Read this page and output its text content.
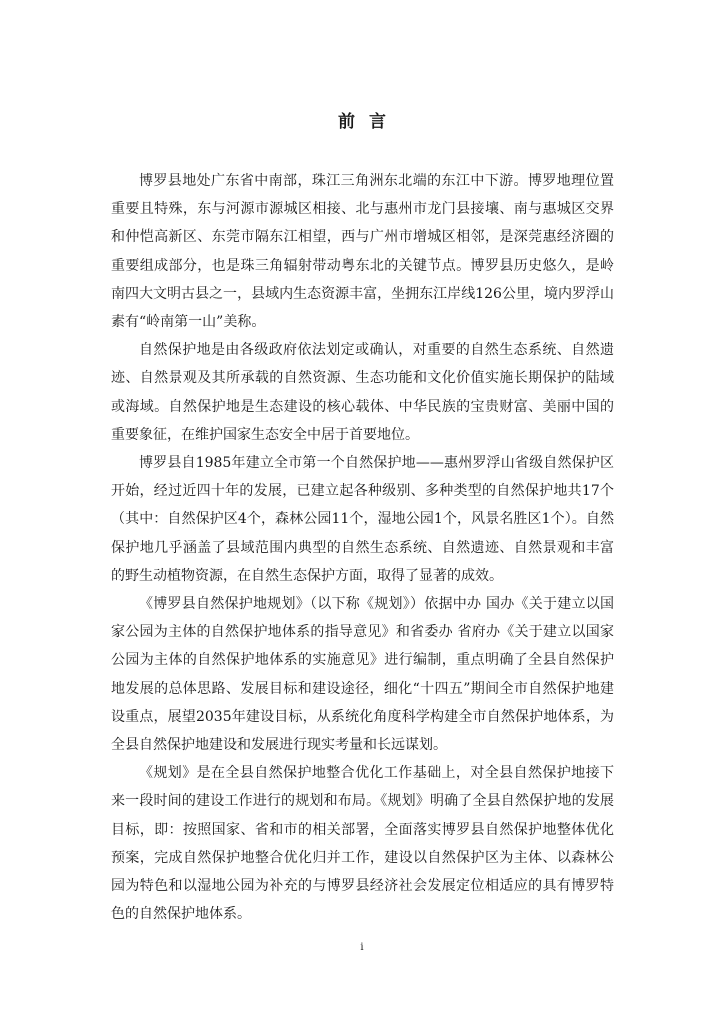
前言

博罗县地处广东省中南部，珠江三角洲东北端的东江中下游。博罗地理位置重要且特殊，东与河源市源城区相接、北与惠州市龙门县接壤、南与惠城区交界和仲恺高新区、东莞市隔东江相望，西与广州市增城区相邻，是深莞惠经济圈的重要组成部分，也是珠三角辐射带动粤东北的关键节点。博罗县历史悠久，是岭南四大文明古县之一，县域内生态资源丰富，坐拥东江岸线126公里，境内罗浮山素有“岭南第一山”美称。

自然保护地是由各级政府依法划定或确认，对重要的自然生态系统、自然遗迹、自然景观及其所承载的自然资源、生态功能和文化价值实施长期保护的陆域或海域。自然保护地是生态建设的核心载体、中华民族的宝贵财富、美丽中国的重要象征，在维护国家生态安全中居于首要地位。

博罗县自1985年建立全市第一个自然保护地——惠州罗浮山省级自然保护区开始，经过近四十年的发展，已建立起各种级别、多种类型的自然保护地共17个（其中：自然保护区4个，森林公园11个，湿地公园1个，风景名胜区1个）。自然保护地几乎涵盖了县域范围内典型的自然生态系统、自然遗迹、自然景观和丰富的野生动植物资源，在自然生态保护方面，取得了显著的成效。

《博罗县自然保护地规划》（以下称《规划》）依据中办 国办《关于建立以国家公园为主体的自然保护地体系的指导意见》和省委办 省府办《关于建立以国家公园为主体的自然保护地体系的实施意见》进行编制，重点明确了全县自然保护地发展的总体思路、发展目标和建设途径，细化“十四五”期间全市自然保护地建设重点，展望2035年建设目标，从系统化角度科学构建全市自然保护地体系，为全县自然保护地建设和发展进行现实考量和长远谋划。

《规划》是在全县自然保护地整合优化工作基础上，对全县自然保护地接下来一段时间的建设工作进行的规划和布局。《规划》明确了全县自然保护地的发展目标，即：按照国家、省和市的相关部署，全面落实博罗县自然保护地整体优化预案，完成自然保护地整合优化归并工作，建设以自然保护区为主体、以森林公园为特色和以湿地公园为补充的与博罗县经济社会发展定位相适应的具有博罗特色的自然保护地体系。

i
